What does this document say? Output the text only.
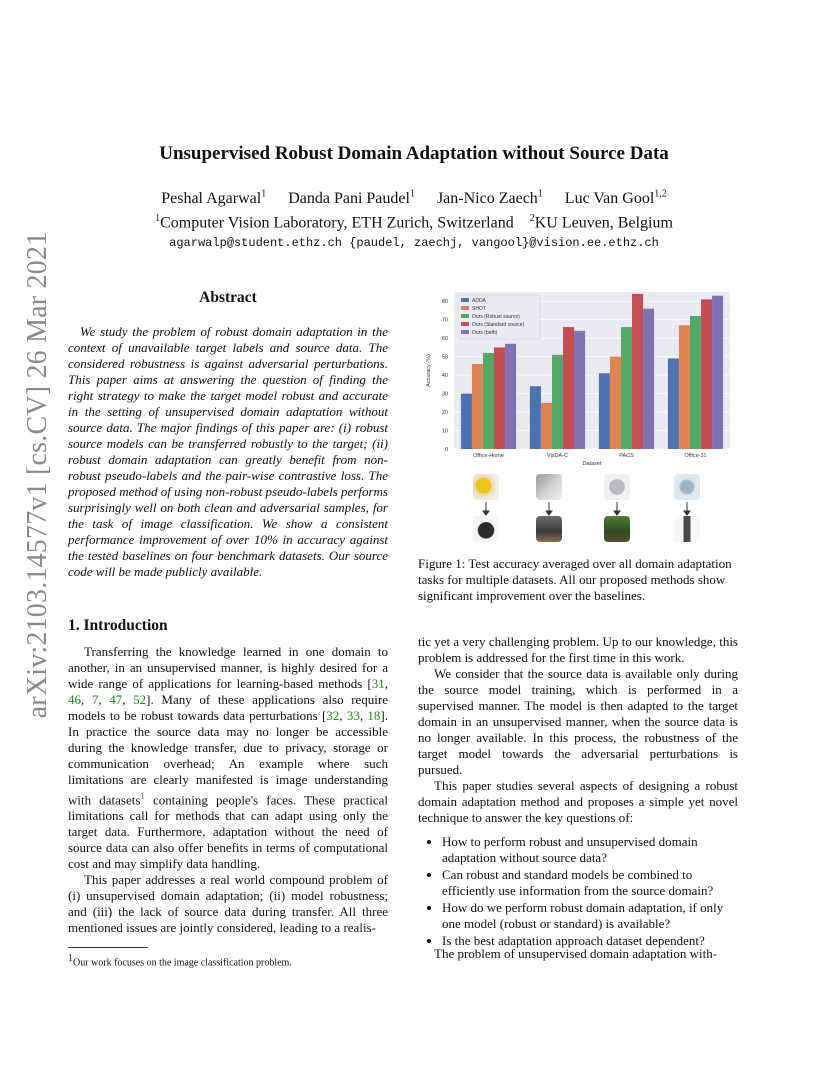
arXiv:2103.14577v1 [cs.CV] 26 Mar 2021
Unsupervised Robust Domain Adaptation without Source Data
Peshal Agarwal$^1$ Danda Pani Paudel$^1$ Jan-Nico Zaech$^1$ Luc Van Gool$^{1,2}$
$^1$Computer Vision Laboratory, ETH Zurich, Switzerland $^2$KU Leuven, Belgium
agarwalp@student.ethz.ch {paudel, zaechj, vangool}@vision.ee.ethz.ch
Abstract

We study the problem of robust domain adaptation in the context of unavailable target labels and source data. The considered robustness is against adversarial perturbations. This paper aims at answering the question of finding the right strategy to make the target model robust and accurate in the setting of unsupervised domain adaptation without source data. The major findings of this paper are: (i) robust source models can be transferred robustly to the target; (ii) robust domain adaptation can greatly benefit from non-robust pseudo-labels and the pair-wise contrastive loss. The proposed method of using non-robust pseudo-labels performs surprisingly well on both clean and adversarial samples, for the task of image classification. We show a consistent performance improvement of over 10% in accuracy against the tested baselines on four benchmark datasets. Our source code will be made publicly available.

1. Introduction

Transferring the knowledge learned in one domain to another, in an unsupervised manner, is highly desired for a wide range of applications for learning-based methods [31, 46, 7, 47, 52]. Many of these applications also require models to be robust towards data perturbations [32, 33, 18]. In practice the source data may no longer be accessible during the knowledge transfer, due to privacy, storage or communication overhead; An example where such limitations are clearly manifested is image understanding with datasets$^1$ containing people's faces. These practical limitations call for methods that can adapt using only the target data. Furthermore, adaptation without the need of source data can also offer benefits in terms of computational cost and may simplify data handling.

This paper addresses a real world compound problem of (i) unsupervised domain adaptation; (ii) model robustness; and (iii) the lack of source data during transfer. All three mentioned issues are jointly considered, leading to a realis-

$^1$Our work focuses on the image classification problem.
0
10
20
30
40
50
60
70
80
Office-Home	VisDA-C	PACS	Office-31
Dataset
Accuracy (%)
ADDA
SHOT
Ours (Robust source)
Ours (Standard source)
Ours (both)
Figure 1: Test accuracy averaged over all domain adaptation tasks for multiple datasets. All our proposed methods show significant improvement over the baselines.

tic yet a very challenging problem. Up to our knowledge, this problem is addressed for the first time in this work.

We consider that the source data is available only during the source model training, which is performed in a supervised manner. The model is then adapted to the target domain in an unsupervised manner, when the source data is no longer available. In this process, the robustness of the target model towards the adversarial perturbations is pursued.

This paper studies several aspects of designing a robust domain adaptation method and proposes a simple yet novel technique to answer the key questions of:

• How to perform robust and unsupervised domain adaptation without source data?
• Can robust and standard models be combined to efficiently use information from the source domain?
• How do we perform robust domain adaptation, if only one model (robust or standard) is available?
• Is the best adaptation approach dataset dependent?
The problem of unsupervised domain adaptation with-
